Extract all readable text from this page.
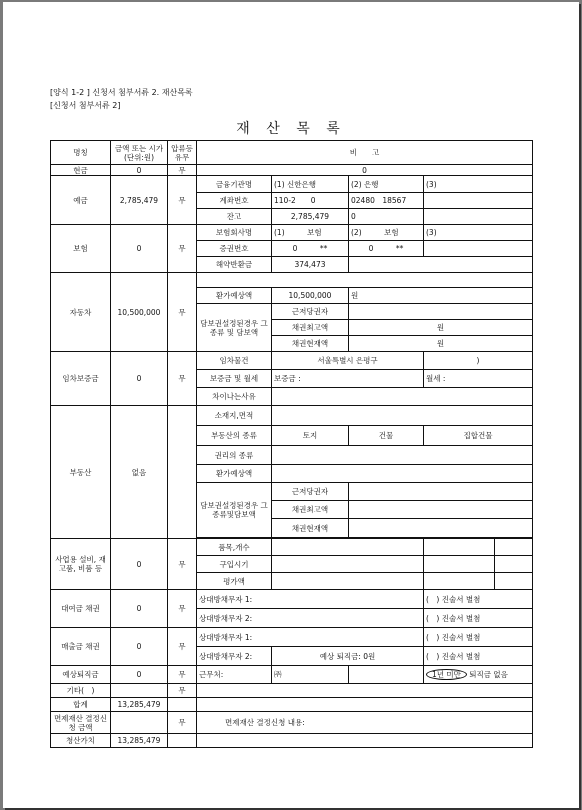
[양식 1-2 ] 신청서 첨부서류 2. 재산목록
[신청서 첨부서류 2]
재 산 목 록
명칭	금액 또는 시가(단위:원)	압류등 유무	비　　고				
현금	0	무	0				
예금	2,785,479	무	금융기관명	(1) 신한은행	(2) 은행	(3)	
			계좌번호	110-2　　 0	02480　 18567		
			잔고	2,785,479	0		
보험	0	무	보험회사명	(1)　　　 보험	(2)　　　 보험	(3)	
			증권번호	0　　　 **	0　　　 **		
			해약반환금	374,473			
자동차	10,500,000	무					
			환가예상액	10,500,000	원		
			담보권설정된경우 그 종류 및 담보액	근저당권자			
				채권최고액	원		
				채권현재액	원		
임차보증금	0	무	임차물건	서울특별시 은평구		)	
			보증금 및 월세	보증금 :		월세 :	
			차이나는사유				
부동산	없음		소재지,면적				
			부동산의 종류	토지	건물	집합건물	
			권리의 종류				
			환가예상액				
			담보권설정된경우 그종류및담보액	근저당권자			
				채권최고액			
				채권현재액			

사업용 설비, 재고품, 비품 등	0	무	품목,개수				
			구입시기				
			평가액				
대여금 채권	0	무	상대방채무자 1:			(　) 진술서 별첨	
			상대방채무자 2:			(　) 진술서 별첨	
매출금 채권	0	무	상대방채무자 1:			(　) 진술서 별첨	
			상대방채무자 2:	예상 퇴직금: 0원		(　) 진술서 별첨	
예상퇴직금	0	무	근무처:	㈜		1년 미만 퇴직금 없음	
기타(　)		무					
합계	13,285,479						
면제재산 결정신청 금액		무	면제재산 결정신청 내용:				
청산가치	13,285,479						
